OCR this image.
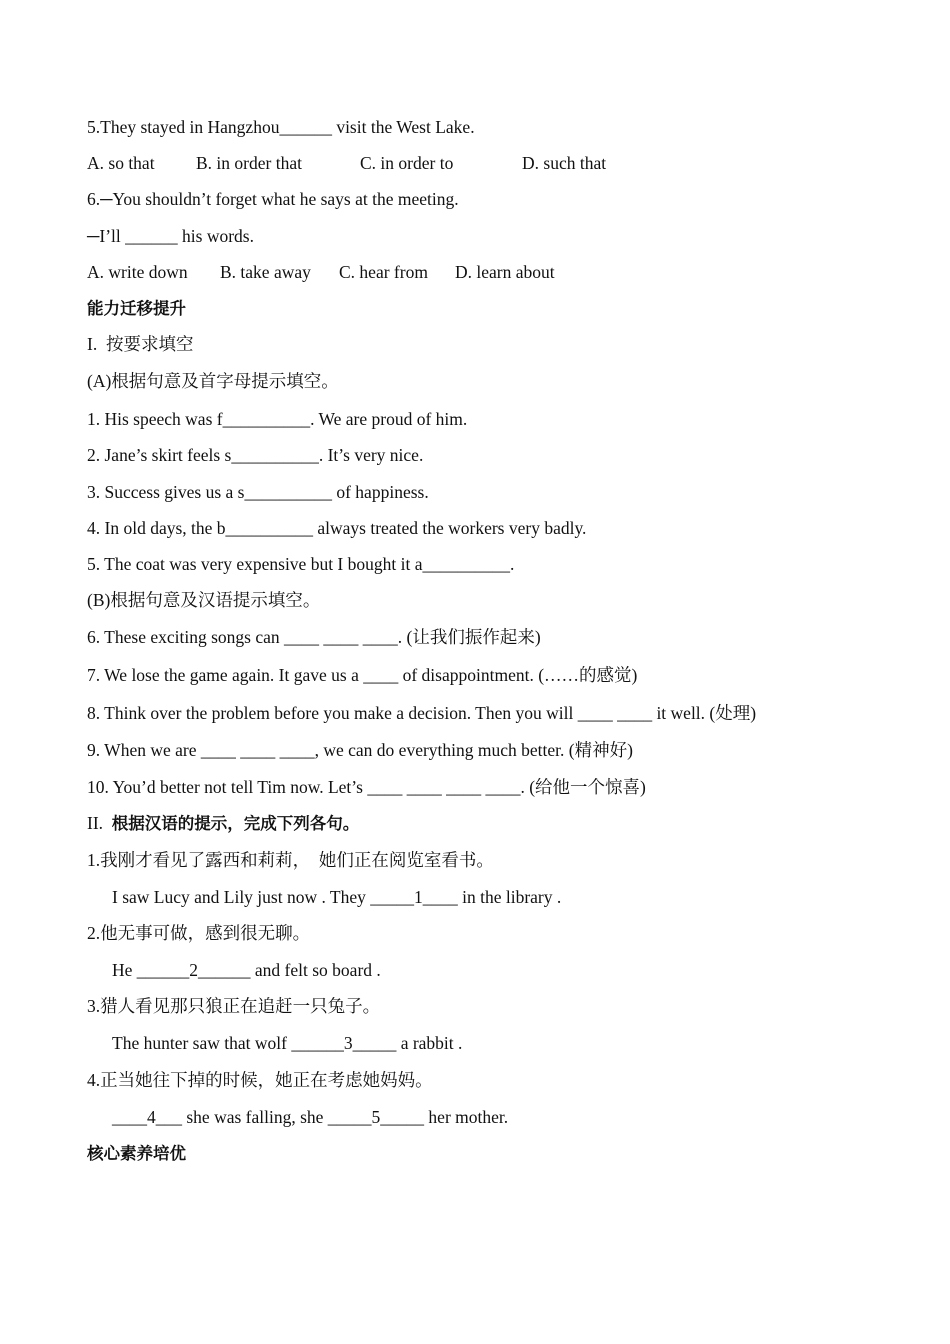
5.They stayed in Hangzhou______ visit the West Lake.
A. so that B. in order that	C. in order to	D. such that
6.─You shouldn’t forget what he says at the meeting.
─I’ll ______ his words.
A. write down B. take away C. hear from D. learn about
能力迁移提升
I.  按要求填空
(A)根据句意及首字母提示填空。
1. His speech was f__________. We are proud of him.
2. Jane’s skirt feels s__________. It’s very nice.
3. Success gives us a s__________ of happiness.
4. In old days, the b__________ always treated the workers very badly.
5. The coat was very expensive but I bought it a__________.
(B)根据句意及汉语提示填空。
6. These exciting songs can ____ ____ ____. (让我们振作起来)
7. We lose the game again. It gave us a ____ of disappointment. (……的感觉)
8. Think over the problem before you make a decision. Then you will ____ ____ it well. (处理)
9. When we are ____ ____ ____, we can do everything much better. (精神好)
10. You’d better not tell Tim now. Let’s ____ ____ ____ ____. (给他一个惊喜)
II. 根据汉语的提示，完成下列各句。
1.我刚才看见了露西和莉莉，  她们正在阅览室看书。
I saw Lucy and Lily just now . They _____1____ in the library .
2.他无事可做，感到很无聊。
He ______2______ and felt so board .
3.猎人看见那只狼正在追赶一只兔子。
The hunter saw that wolf ______3_____ a rabbit .
4.正当她往下掉的时候，她正在考虑她妈妈。
____4___ she was falling, she _____5_____ her mother.
核心素养培优
